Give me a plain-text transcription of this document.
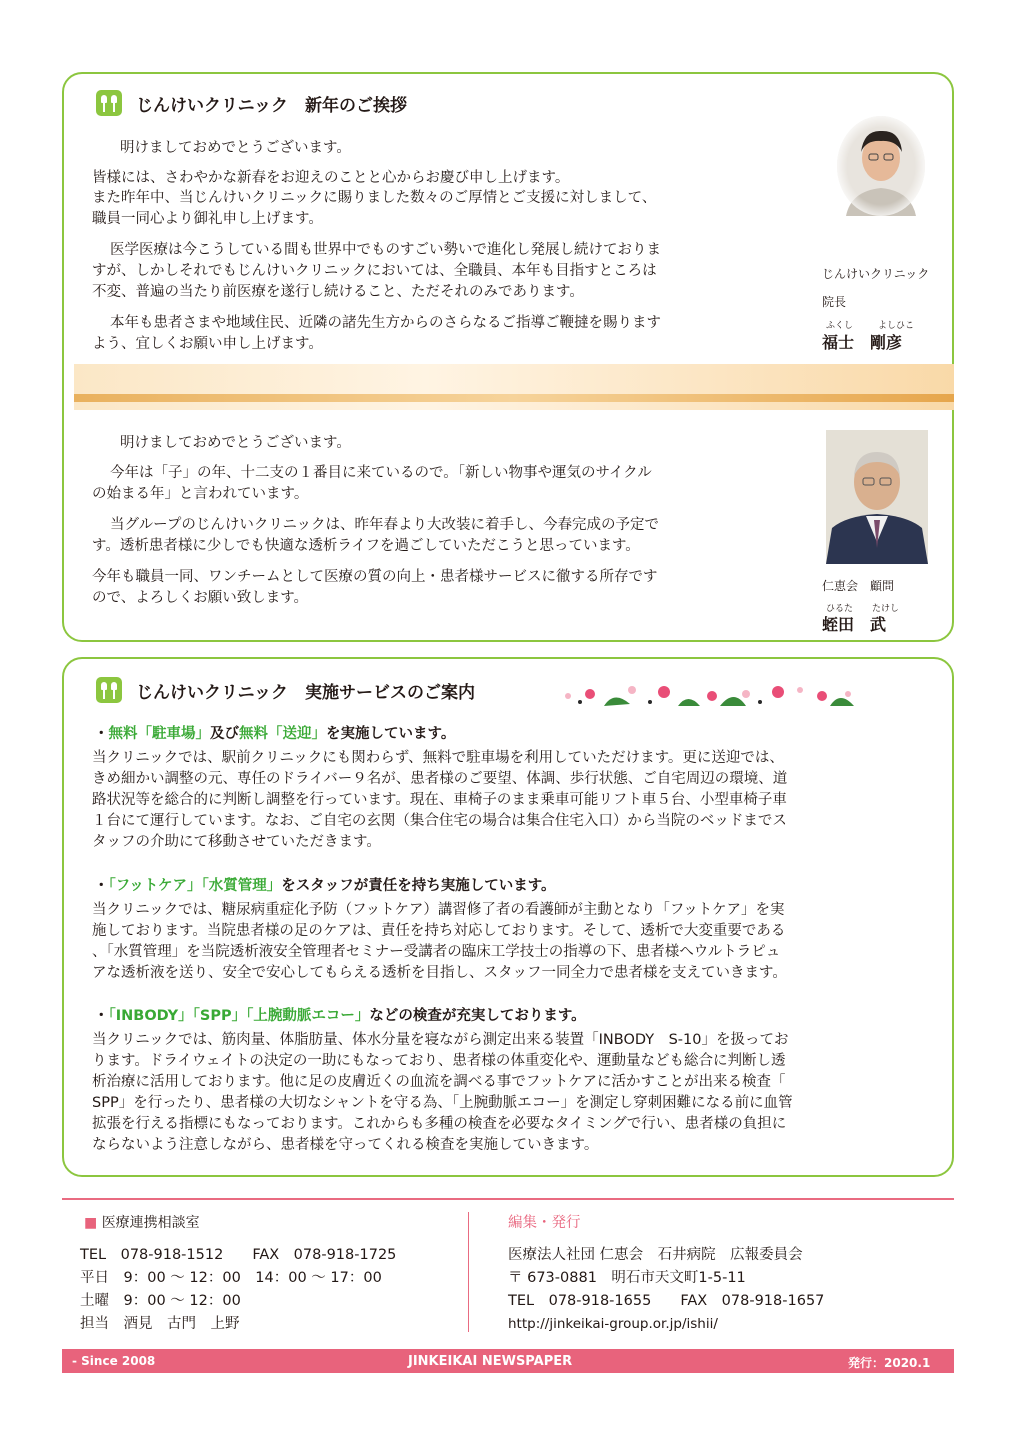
じんけいクリニック　新年のご挨拶

明けましておめでとうございます。

皆様には、さわやかな新春をお迎えのことと心からお慶び申し上げます。

また昨年中、当じんけいクリニックに賜りました数々のご厚情とご支援に対しまして、

職員一同心より御礼申し上げます。

医学医療は今こうしている間も世界中でものすごい勢いで進化し発展し続けておりま

すが、しかしそれでもじんけいクリニックにおいては、全職員、本年も目指すところは

不変、普遍の当たり前医療を遂行し続けること、ただそれのみであります。

本年も患者さまや地域住民、近隣の諸先生方からのさらなるご指導ご鞭撻を賜ります

よう、宜しくお願い申し上げます。

じんけいクリニック
院長
ふくし	よしひこ
福士　剛彦

明けましておめでとうございます。

今年は「子」の年、十二支の１番目に来ているので。「新しい物事や運気のサイクル

の始まる年」と言われています。

当グループのじんけいクリニックは、昨年春より大改装に着手し、今春完成の予定で

す。透析患者様に少しでも快適な透析ライフを過ごしていただこうと思っています。

今年も職員一同、ワンチームとして医療の質の向上・患者様サービスに徹する所存です

ので、よろしくお願い致します。

仁恵会　顧問
ひるた たけし
蛭田　武
じんけいクリニック　実施サービスのご案内
・無料「駐車場」及び無料「送迎」を実施しています。

当クリニックでは、駅前クリニックにも関わらず、無料で駐車場を利用していただけます。更に送迎では、

きめ細かい調整の元、専任のドライバー９名が、患者様のご要望、体調、歩行状態、ご自宅周辺の環境、道

路状況等を総合的に判断し調整を行っています。現在、車椅子のまま乗車可能リフト車５台、小型車椅子車

１台にて運行しています。なお、ご自宅の玄関（集合住宅の場合は集合住宅入口）から当院のベッドまでス

タッフの介助にて移動させていただきます。

・「フットケア」「水質管理」をスタッフが責任を持ち実施しています。

当クリニックでは、糖尿病重症化予防（フットケア）講習修了者の看護師が主動となり「フットケア」を実

施しております。当院患者様の足のケアは、責任を持ち対応しております。そして、透析で大変重要である

、「水質管理」を当院透析液安全管理者セミナー受講者の臨床工学技士の指導の下、患者様へウルトラピュ

アな透析液を送り、安全で安心してもらえる透析を目指し、スタッフ一同全力で患者様を支えていきます。

・「INBODY」「SPP」「上腕動脈エコー」などの検査が充実しております。

当クリニックでは、筋肉量、体脂肪量、体水分量を寝ながら測定出来る装置「INBODY　S-10」を扱ってお

ります。ドライウェイトの決定の一助にもなっており、患者様の体重変化や、運動量なども総合に判断し透

析治療に活用しております。他に足の皮膚近くの血流を調べる事でフットケアに活かすことが出来る検査「

SPP」を行ったり、患者様の大切なシャントを守る為、「上腕動脈エコー」を測定し穿刺困難になる前に血管

拡張を行える指標にもなっております。これからも多種の検査を必要なタイミングで行い、患者様の負担に

ならないよう注意しながら、患者様を守ってくれる検査を実施していきます。

■ 医療連携相談室
TEL　078-918-1512　　FAX　078-918-1725
平日　9：00 ～ 12：00　14：00 ～ 17：00
土曜　9：00 ～ 12：00
担当　酒見　古門　上野
編集・発行
医療法人社団 仁恵会　石井病院　広報委員会
〒 673-0881　明石市天文町1-5-11
TEL　078-918-1655　　FAX　078-918-1657
http://jinkeikai-group.or.jp/ishii/
- Since 2008	JINKEIKAI NEWSPAPER	発行：2020.1
